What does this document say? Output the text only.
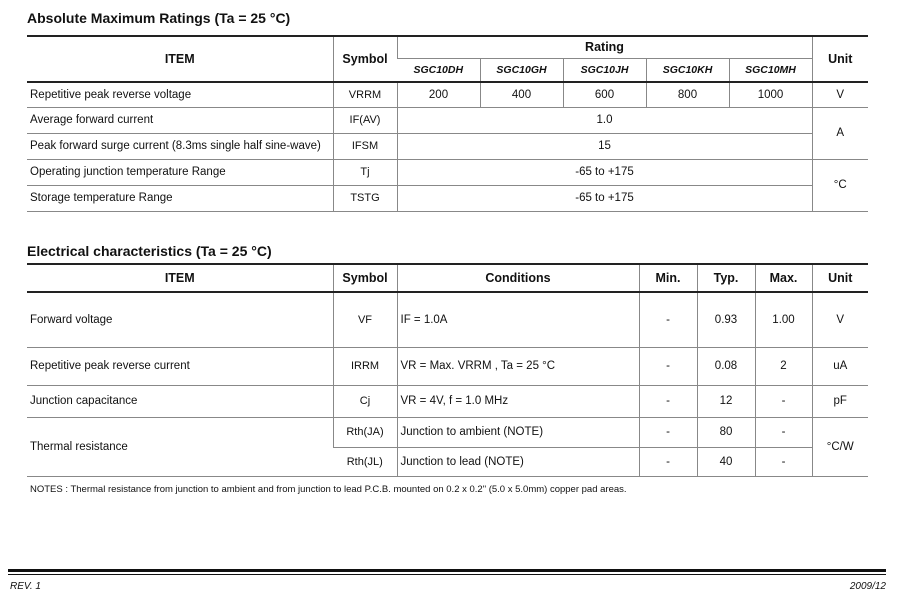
Absolute Maximum Ratings (Ta = 25 °C)
ITEM	Symbol	Rating					Unit
		SGC10DH	SGC10GH	SGC10JH	SGC10KH	SGC10MH	
Repetitive peak reverse voltage	VRRM	200	400	600	800	1000	V
Average forward current	IF(AV)	1.0					A
Peak forward surge current (8.3ms single half sine-wave)	IFSM	15					
Operating junction temperature Range	Tj	-65 to +175					°C
Storage temperature Range	TSTG	-65 to +175					
Electrical characteristics (Ta = 25 °C)
ITEM	Symbol	Conditions	Min.	Typ.	Max.	Unit
Forward voltage	VF	IF = 1.0A	-	0.93	1.00	V
Repetitive peak reverse current	IRRM	VR = Max. VRRM , Ta = 25 °C	-	0.08	2	uA
Junction capacitance	Cj	VR = 4V, f = 1.0 MHz	-	12	-	pF
Thermal resistance	Rth(JA)	Junction to ambient (NOTE)	-	80	-	°C/W
	Rth(JL)	Junction to lead (NOTE)	-	40	-	
NOTES : Thermal resistance from junction to ambient and from junction to lead P.C.B. mounted on 0.2 x 0.2" (5.0 x 5.0mm) copper pad areas.
REV. 1	2009/12
